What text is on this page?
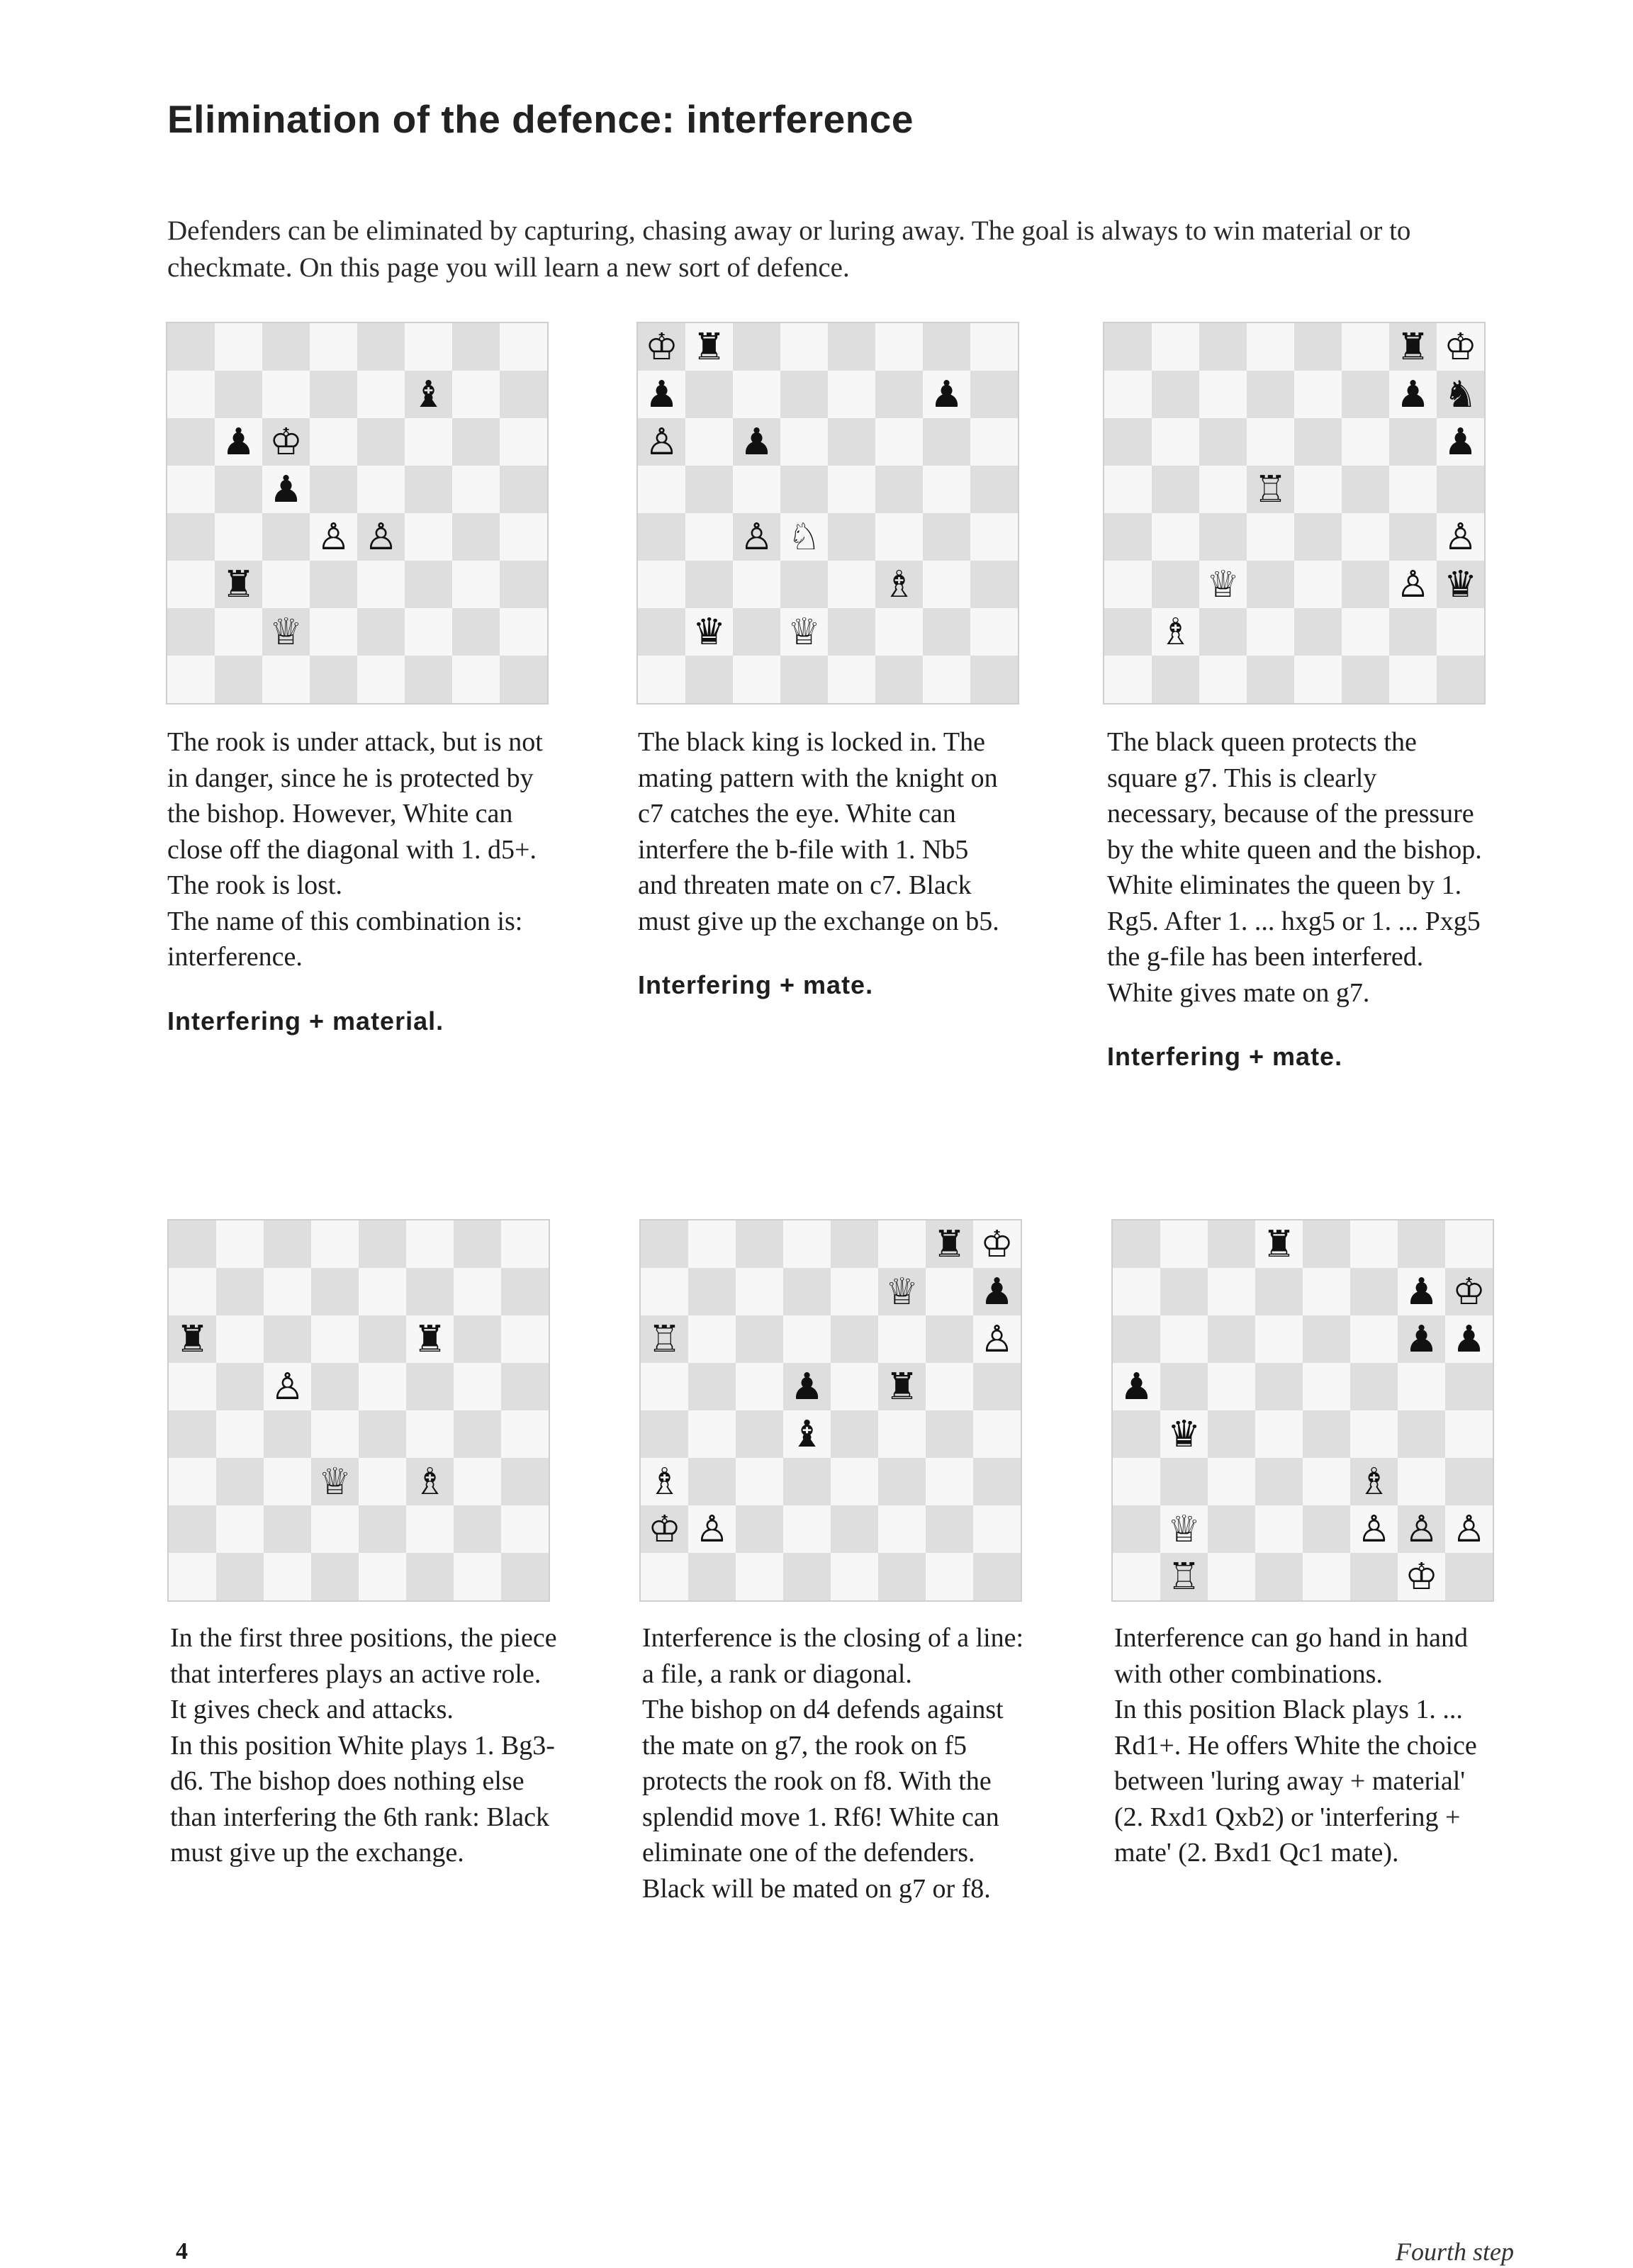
Elimination of the defence: interference
Defenders can be eliminated by capturing, chasing away or luring away. The goal is always to win material or to checkmate. On this page you will learn a new sort of defence.
♝
♟ ♔
♟
♙ ♙
♜
♕
♔ ♜
♟	♟
♙ ♟
♙ ♘
♗
♛ ♕
♜ ♔
♟ ♞
♟
♖
♙
♕	♙ ♛
♗
♜	♜
♙
♕ ♗
♜ ♔
♕ ♟
♖	♙
♟ ♜
♝
♗
♔ ♙
♜
♟ ♔
♟ ♟
♟
♛
♗
♕	♙ ♙ ♙
♖	♔

The rook is under attack, but is not in danger, since he is protected by the bishop. However, White can close off the diagonal with 1. d5+. The rook is lost.

The name of this combination is: interference.

Interfering + material.

The black king is locked in. The mating pattern with the knight on c7 catches the eye. White can interfere the b-file with 1. Nb5 and threaten mate on c7. Black must give up the exchange on b5.

Interfering + mate.

The black queen protects the square g7. This is clearly necessary, because of the pressure by the white queen and the bishop. White eliminates the queen by 1. Rg5. After 1. ... hxg5 or 1. ... Pxg5 the g-file has been interfered. White gives mate on g7.

Interfering + mate.

In the first three positions, the piece that interferes plays an active role. It gives check and attacks.

In this position White plays 1. Bg3-d6. The bishop does nothing else than interfering the 6th rank: Black must give up the exchange.

Interference is the closing of a line: a file, a rank or diagonal.

The bishop on d4 defends against the mate on g7, the rook on f5 protects the rook on f8. With the splendid move 1. Rf6! White can eliminate one of the defenders. Black will be mated on g7 or f8.

Interference can go hand in hand with other combinations.

In this position Black plays 1. ... Rd1+. He offers White the choice between 'luring away + material' (2. Rxd1 Qxb2) or 'interfering + mate' (2. Bxd1 Qc1 mate).

4	Fourth step
